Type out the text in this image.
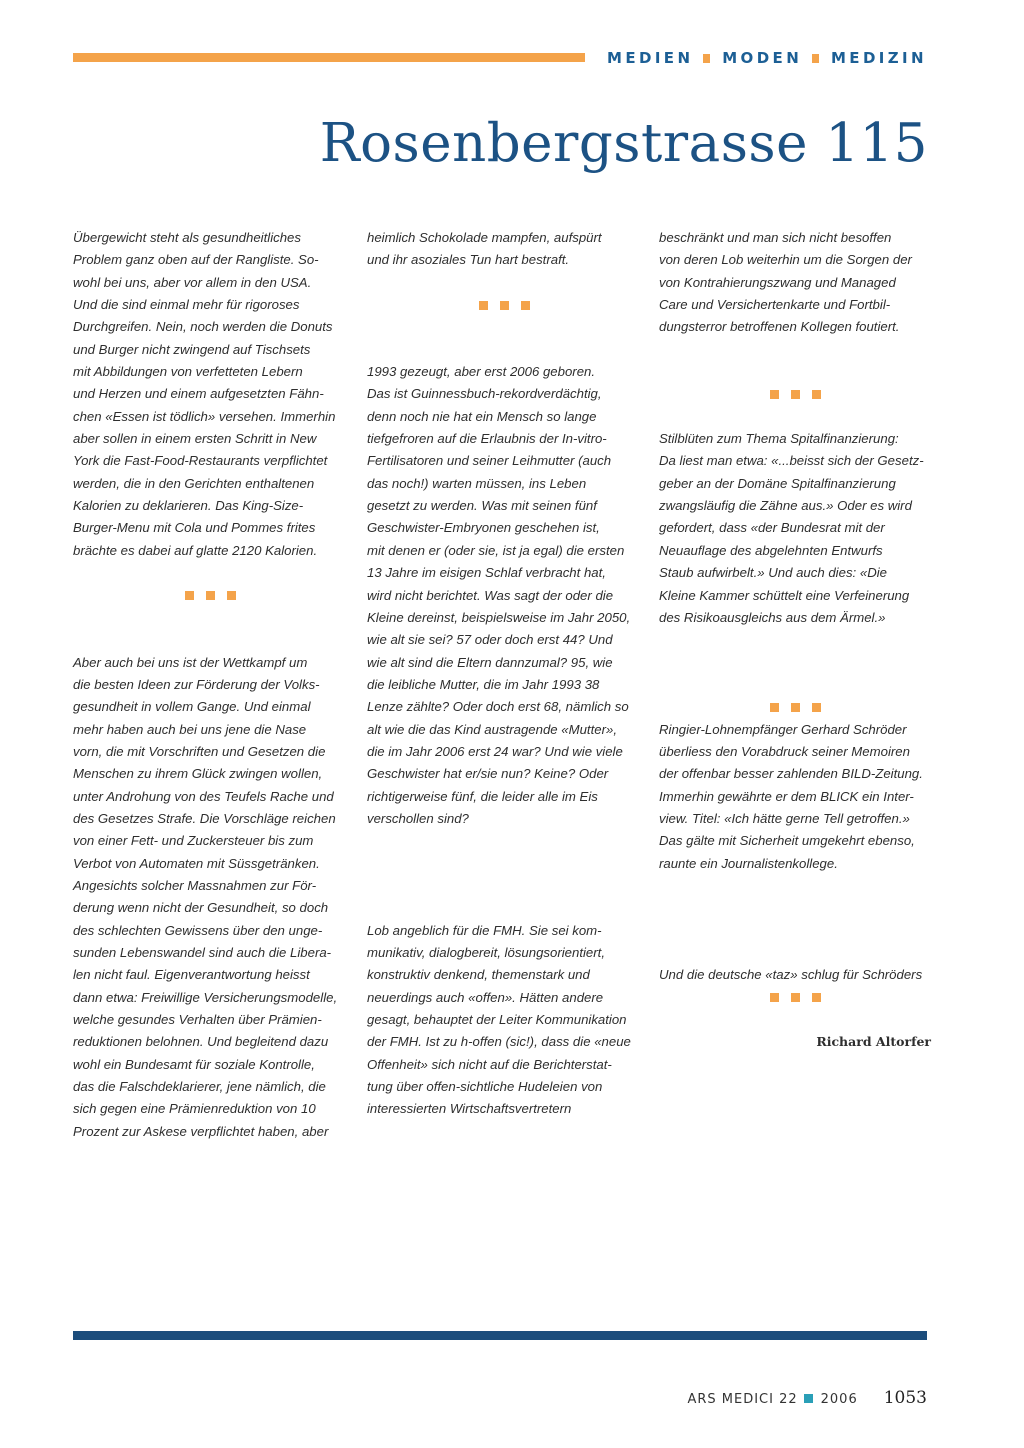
MEDIEN MODEN MEDIZIN
Rosenbergstrasse 115

Übergewicht steht als gesundheitliches

Problem ganz oben auf der Rangliste. So-

wohl bei uns, aber vor allem in den USA.

Und die sind einmal mehr für rigoroses

Durchgreifen. Nein, noch werden die Donuts

und Burger nicht zwingend auf Tischsets

mit Abbildungen von verfetteten Lebern

und Herzen und einem aufgesetzten Fähn-

chen «Essen ist tödlich» versehen. Immerhin

aber sollen in einem ersten Schritt in New

York die Fast-Food-Restaurants verpflichtet

werden, die in den Gerichten enthaltenen

Kalorien zu deklarieren. Das King-Size-

Burger-Menu mit Cola und Pommes frites

brächte es dabei auf glatte 2120 Kalorien.

Aber auch bei uns ist der Wettkampf um

die besten Ideen zur Förderung der Volks-

gesundheit in vollem Gange. Und einmal

mehr haben auch bei uns jene die Nase

vorn, die mit Vorschriften und Gesetzen die

Menschen zu ihrem Glück zwingen wollen,

unter Androhung von des Teufels Rache und

des Gesetzes Strafe. Die Vorschläge reichen

von einer Fett- und Zuckersteuer bis zum

Verbot von Automaten mit Süssgetränken.

Angesichts solcher Massnahmen zur För-

derung wenn nicht der Gesundheit, so doch

des schlechten Gewissens über den unge-

sunden Lebenswandel sind auch die Libera-

len nicht faul. Eigenverantwortung heisst

dann etwa: Freiwillige Versicherungsmodelle,

welche gesundes Verhalten über Prämien-

reduktionen belohnen. Und begleitend dazu

wohl ein Bundesamt für soziale Kontrolle,

das die Falschdeklarierer, jene nämlich, die

sich gegen eine Prämienreduktion von 10

Prozent zur Askese verpflichtet haben, aber

heimlich Schokolade mampfen, aufspürt

und ihr asoziales Tun hart bestraft.

1993 gezeugt, aber erst 2006 geboren.

Das ist Guinnessbuch-rekordverdächtig,

denn noch nie hat ein Mensch so lange

tiefgefroren auf die Erlaubnis der In-vitro-

Fertilisatoren und seiner Leihmutter (auch

das noch!) warten müssen, ins Leben

gesetzt zu werden. Was mit seinen fünf

Geschwister-Embryonen geschehen ist,

mit denen er (oder sie, ist ja egal) die ersten

13 Jahre im eisigen Schlaf verbracht hat,

wird nicht berichtet. Was sagt der oder die

Kleine dereinst, beispielsweise im Jahr 2050,

wie alt sie sei? 57 oder doch erst 44? Und

wie alt sind die Eltern dannzumal? 95, wie

die leibliche Mutter, die im Jahr 1993 38

Lenze zählte? Oder doch erst 68, nämlich so

alt wie die das Kind austragende «Mutter»,

die im Jahr 2006 erst 24 war? Und wie viele

Geschwister hat er/sie nun? Keine? Oder

richtigerweise fünf, die leider alle im Eis

verschollen sind?

Lob angeblich für die FMH. Sie sei kom-

munikativ, dialogbereit, lösungsorientiert,

konstruktiv denkend, themenstark und

neuerdings auch «offen». Hätten andere

gesagt, behauptet der Leiter Kommunikation

der FMH. Ist zu h-offen (sic!), dass die «neue

Offenheit» sich nicht auf die Berichterstat-

tung über offen-sichtliche Hudeleien von

interessierten Wirtschaftsvertretern

beschränkt und man sich nicht besoffen

von deren Lob weiterhin um die Sorgen der

von Kontrahierungszwang und Managed

Care und Versichertenkarte und Fortbil-

dungsterror betroffenen Kollegen foutiert.

Stilblüten zum Thema Spitalfinanzierung:

Da liest man etwa: «...beisst sich der Gesetz-

geber an der Domäne Spitalfinanzierung

zwangsläufig die Zähne aus.» Oder es wird

gefordert, dass «der Bundesrat mit der

Neuauflage des abgelehnten Entwurfs

Staub aufwirbelt.» Und auch dies: «Die

Kleine Kammer schüttelt eine Verfeinerung

des Risikoausgleichs aus dem Ärmel.»

Ringier-Lohnempfänger Gerhard Schröder

überliess den Vorabdruck seiner Memoiren

der offenbar besser zahlenden BILD-Zeitung.

Immerhin gewährte er dem BLICK ein Inter-

view. Titel: «Ich hätte gerne Tell getroffen.»

Das gälte mit Sicherheit umgekehrt ebenso,

raunte ein Journalistenkollege.

Und die deutsche «taz» schlug für Schröders

Richard Altorfer

ARS MEDICI 22 2006 1053
